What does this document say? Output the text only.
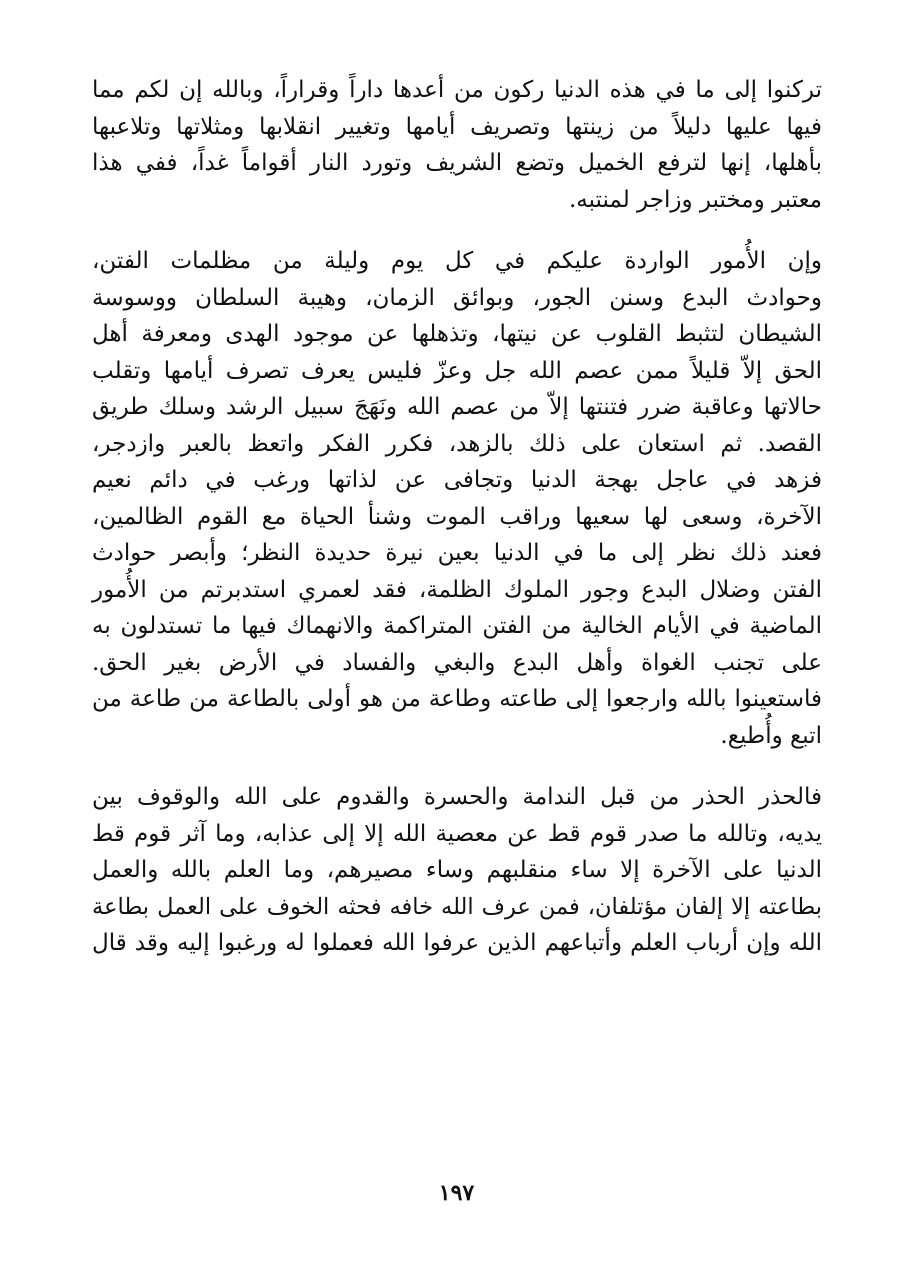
تركنوا إلى ما في هذه الدنيا ركون من أعدها داراً وقراراً، وبالله إن لكم مما
فيها عليها دليلاً من زينتها وتصريف أيامها وتغيير انقلابها ومثلاتها وتلاعبها
بأهلها، إنها لترفع الخميل وتضع الشريف وتورد النار أقواماً غداً، ففي هذا
معتبر ومختبر وزاجر لمنتبه.
وإن الأُمور الواردة عليكم في كل يوم وليلة من مظلمات الفتن،
وحوادث البدع وسنن الجور، وبوائق الزمان، وهيبة السلطان ووسوسة
الشيطان لتثبط القلوب عن نيتها، وتذهلها عن موجود الهدى ومعرفة أهل
الحق إلاّ قليلاً ممن عصم الله جل وعزّ فليس يعرف تصرف أيامها وتقلب
حالاتها وعاقبة ضرر فتنتها إلاّ من عصم الله ونَهَجَ سبيل الرشد وسلك طريق
القصد. ثم استعان على ذلك بالزهد، فكرر الفكر واتعظ بالعبر وازدجر،
فزهد في عاجل بهجة الدنيا وتجافى عن لذاتها ورغب في دائم نعيم
الآخرة، وسعى لها سعيها وراقب الموت وشنأ الحياة مع القوم الظالمين،
فعند ذلك نظر إلى ما في الدنيا بعين نيرة حديدة النظر؛ وأبصر حوادث
الفتن وضلال البدع وجور الملوك الظلمة، فقد لعمري استدبرتم من الأُمور
الماضية في الأيام الخالية من الفتن المتراكمة والانهماك فيها ما تستدلون به
على تجنب الغواة وأهل البدع والبغي والفساد في الأرض بغير الحق.
فاستعينوا بالله وارجعوا إلى طاعته وطاعة من هو أولى بالطاعة من طاعة من
اتبع وأُطيع.
فالحذر الحذر من قبل الندامة والحسرة والقدوم على الله والوقوف بين
يديه، وتالله ما صدر قوم قط عن معصية الله إلا إلى عذابه، وما آثر قوم قط
الدنيا على الآخرة إلا ساء منقلبهم وساء مصيرهم، وما العلم بالله والعمل
بطاعته إلا إلفان مؤتلفان، فمن عرف الله خافه فحثه الخوف على العمل بطاعة
الله وإن أرباب العلم وأتباعهم الذين عرفوا الله فعملوا له ورغبوا إليه وقد قال
١٩٧
